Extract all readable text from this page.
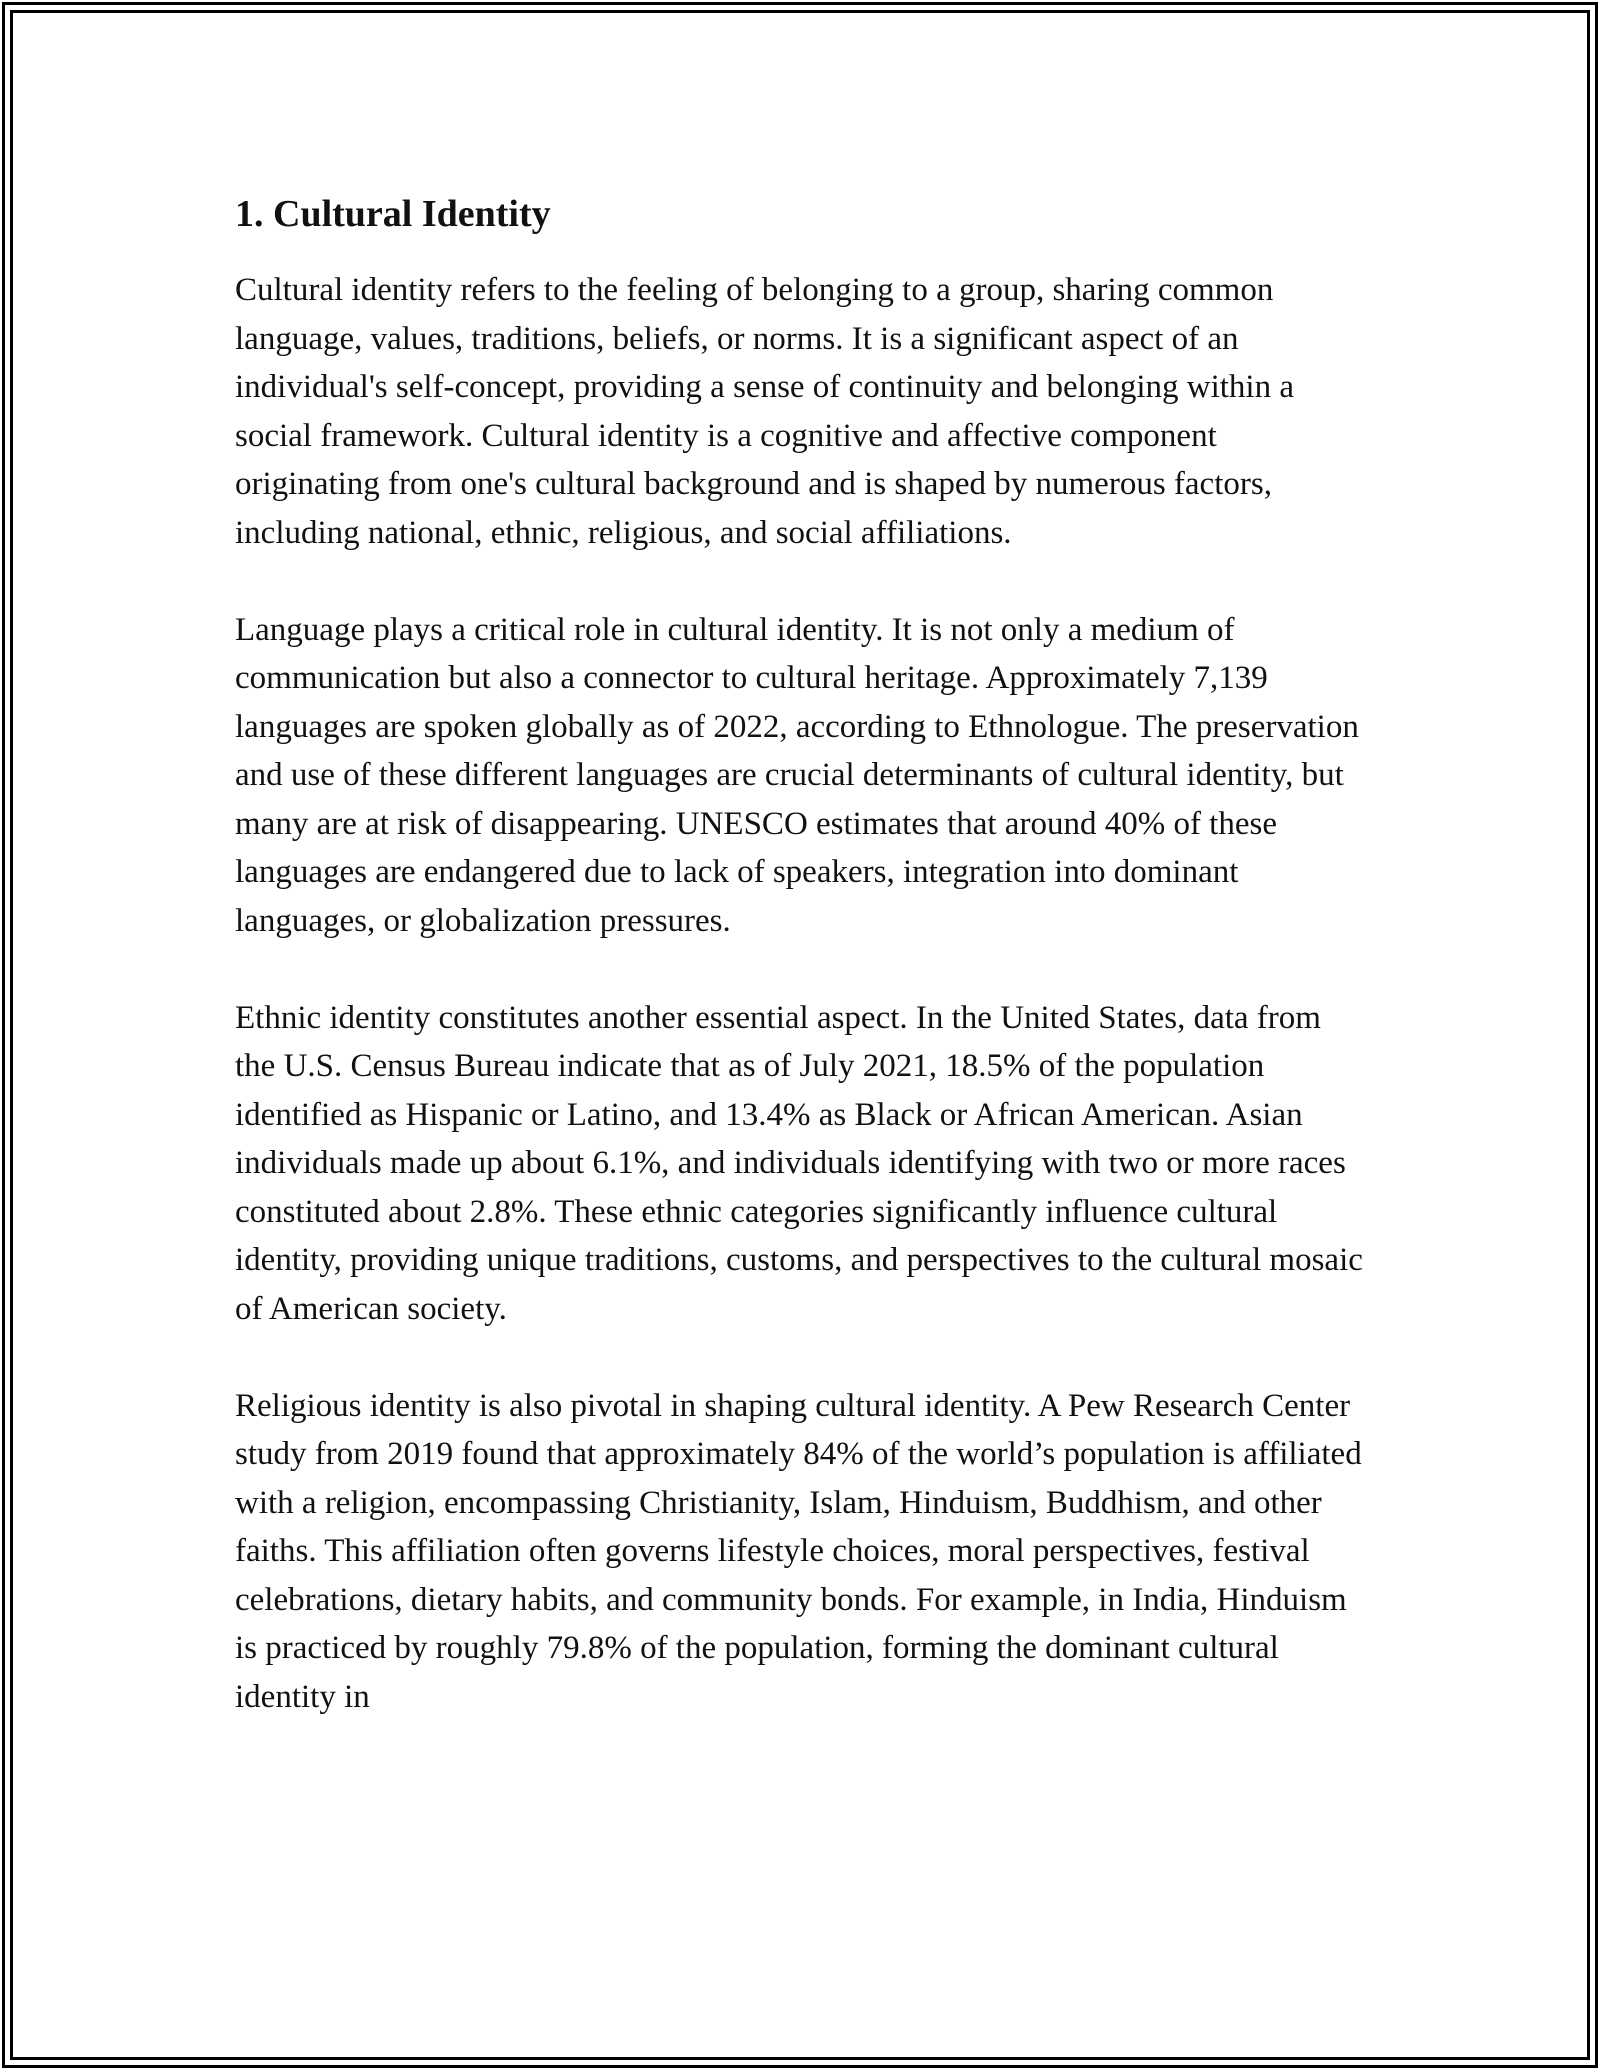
1. Cultural Identity

Cultural identity refers to the feeling of belonging to a group, sharing common language, values, traditions, beliefs, or norms. It is a significant aspect of an individual's self-concept, providing a sense of continuity and belonging within a social framework. Cultural identity is a cognitive and affective component originating from one's cultural background and is shaped by numerous factors, including national, ethnic, religious, and social affiliations.

Language plays a critical role in cultural identity. It is not only a medium of communication but also a connector to cultural heritage. Approximately 7,139 languages are spoken globally as of 2022, according to Ethnologue. The preservation and use of these different languages are crucial determinants of cultural identity, but many are at risk of disappearing. UNESCO estimates that around 40% of these languages are endangered due to lack of speakers, integration into dominant languages, or globalization pressures.

Ethnic identity constitutes another essential aspect. In the United States, data from the U.S. Census Bureau indicate that as of July 2021, 18.5% of the population identified as Hispanic or Latino, and 13.4% as Black or African American. Asian individuals made up about 6.1%, and individuals identifying with two or more races constituted about 2.8%. These ethnic categories significantly influence cultural identity, providing unique traditions, customs, and perspectives to the cultural mosaic of American society.

Religious identity is also pivotal in shaping cultural identity. A Pew Research Center study from 2019 found that approximately 84% of the world’s population is affiliated with a religion, encompassing Christianity, Islam, Hinduism, Buddhism, and other faiths. This affiliation often governs lifestyle choices, moral perspectives, festival celebrations, dietary habits, and community bonds. For example, in India, Hinduism is practiced by roughly 79.8% of the population, forming the dominant cultural identity in
